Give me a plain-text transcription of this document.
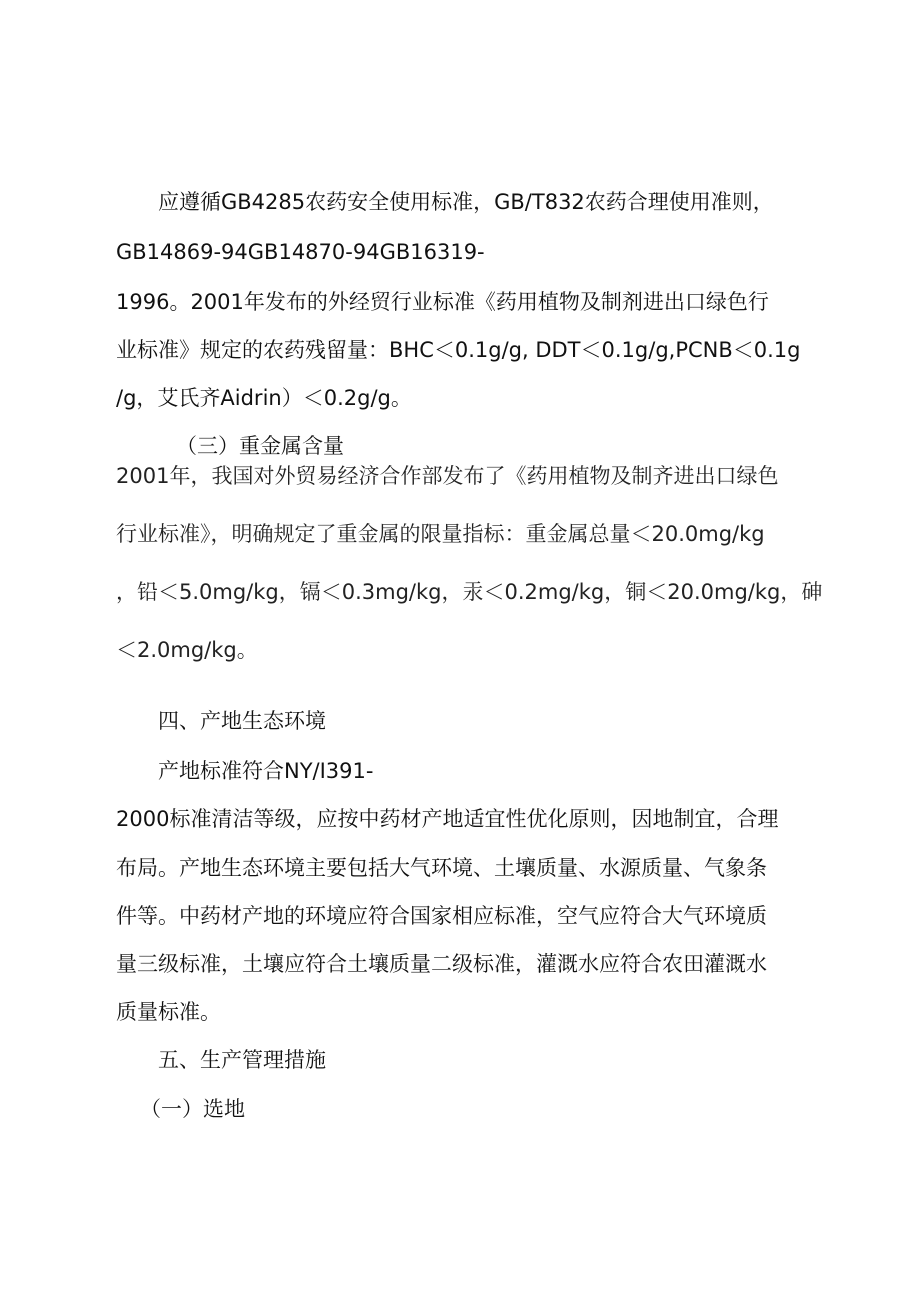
应遵循GB4285农药安全使用标准，GB/T832农药合理使用准则，
GB14869-94GB14870-94GB16319-
1996。2001年发布的外经贸行业标准《药用植物及制剂进出口绿色行
业标准》规定的农药残留量：BHC＜0.1g/g, DDT＜0.1g/g,PCNB＜0.1g
/g，艾氏齐Aidrin）＜0.2g/g。
（三）重金属含量
2001年，我国对外贸易经济合作部发布了《药用植物及制齐进出口绿色
行业标准》，明确规定了重金属的限量指标：重金属总量＜20.0mg/kg
，铅＜5.0mg/kg，镉＜0.3mg/kg，汞＜0.2mg/kg，铜＜20.0mg/kg，砷
＜2.0mg/kg。
四、产地生态环境
产地标准符合NY/I391-
2000标准清洁等级，应按中药材产地适宜性优化原则，因地制宜，合理
布局。产地生态环境主要包括大气环境、土壤质量、水源质量、气象条
件等。中药材产地的环境应符合国家相应标准，空气应符合大气环境质
量三级标准，土壤应符合土壤质量二级标准，灌溉水应符合农田灌溉水
质量标准。
五、生产管理措施
（一）选地
